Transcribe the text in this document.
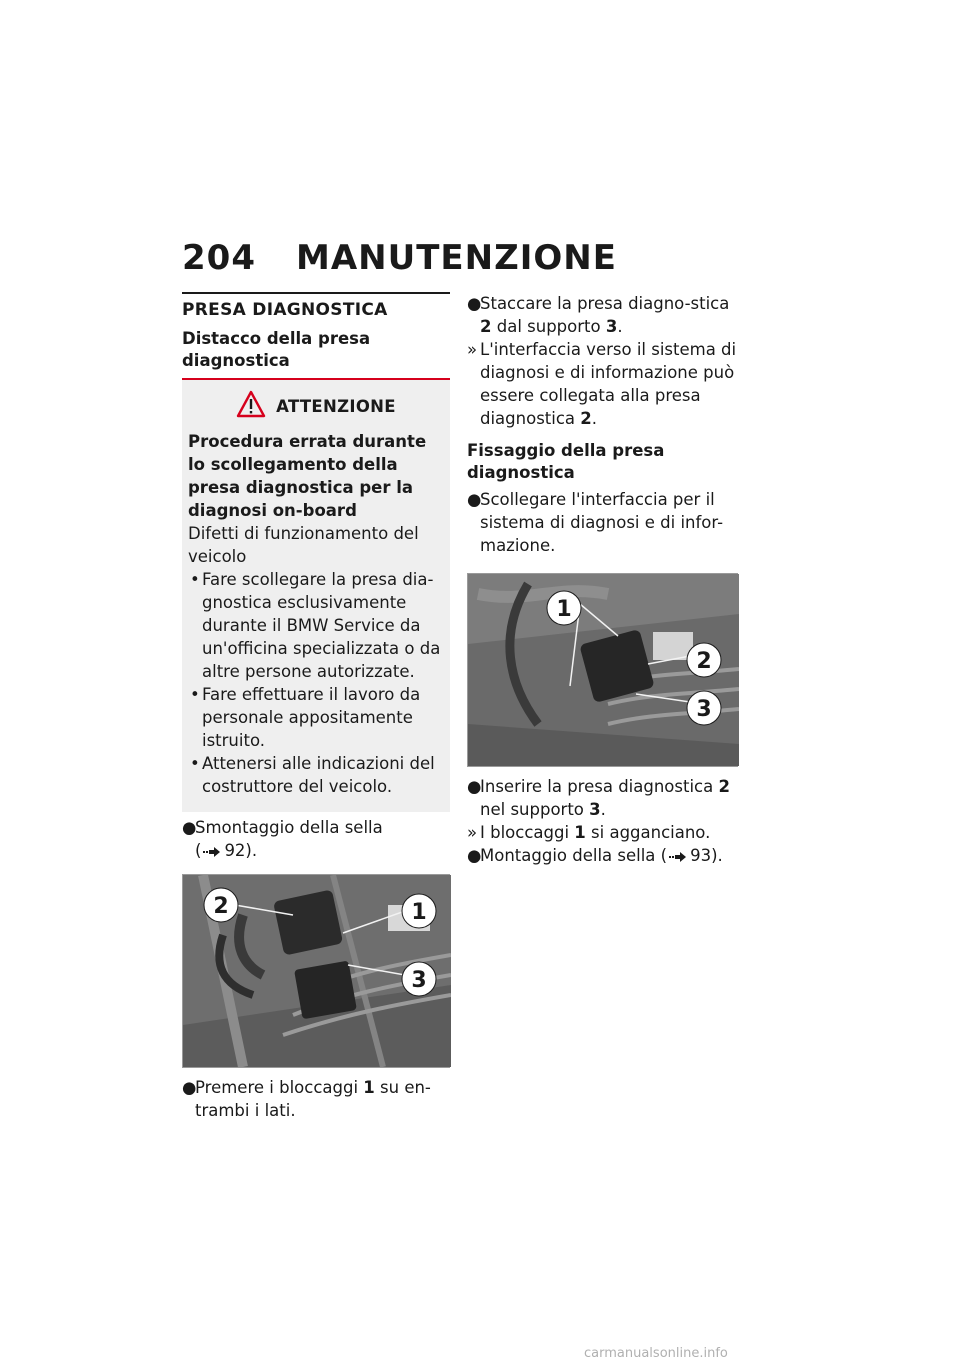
204 MANUTENZIONE
PRESA DIAGNOSTICA
Distacco della presa diagnostica
ATTENZIONE
Procedura errata durante lo scollegamento della presa diagnostica per la diagnosi on-board
Difetti di funzionamento del veicolo
• Fare scollegare la presa dia-gnostica esclusivamente durante il BMW Service da un'officina specializzata o da altre persone autorizzate.
• Fare effettuare il lavoro da personale appositamente istruito.
• Attenersi alle indicazioni del costruttore del veicolo.
●
Smontaggio della sella
( 92).
2	1
3
●
Premere i bloccaggi 1 su en-trambi i lati.
●
Staccare la presa diagno-stica 2 dal supporto 3.
» L'interfaccia verso il sistema di diagnosi e di informazione può essere collegata alla presa diagnostica 2.
Fissaggio della presa diagnostica
●
Scollegare l'interfaccia per il sistema di diagnosi e di infor-mazione.
1
2
3
●
Inserire la presa diagnostica 2 nel supporto 3.
» I bloccaggi 1 si agganciano.
●
Montaggio della sella ( 93).
carmanualsonline.info
